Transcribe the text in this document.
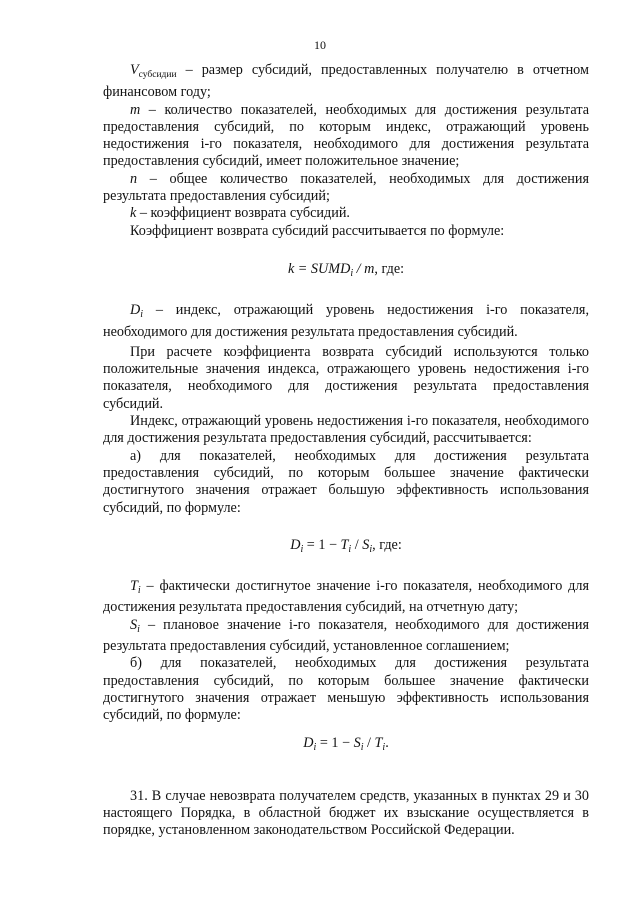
10

$V_{субсидии}$ – размер субсидий, предоставленных получателю в отчетном финансовом году;

m – количество показателей, необходимых для достижения результата предоставления субсидий, по которым индекс, отражающий уровень недостижения i-го показателя, необходимого для достижения результата предоставления субсидий, имеет положительное значение;

n – общее количество показателей, необходимых для достижения результата предоставления субсидий;

k – коэффициент возврата субсидий.

Коэффициент возврата субсидий рассчитывается по формуле:

$k = SUMD_i / m$, где:

$D_i$ – индекс, отражающий уровень недостижения i-го показателя, необходимого для достижения результата предоставления субсидий.

При расчете коэффициента возврата субсидий используются только положительные значения индекса, отражающего уровень недостижения i-го показателя, необходимого для достижения результата предоставления субсидий.

Индекс, отражающий уровень недостижения i-го показателя, необходимого для достижения результата предоставления субсидий, рассчитывается:

а) для показателей, необходимых для достижения результата предоставления субсидий, по которым большее значение фактически достигнутого значения отражает большую эффективность использования субсидий, по формуле:

$D_i = 1 - T_i / S_i$, где:

$T_i$ – фактически достигнутое значение i-го показателя, необходимого для достижения результата предоставления субсидий, на отчетную дату;

$S_i$ – плановое значение i-го показателя, необходимого для достижения результата предоставления субсидий, установленное соглашением;

б) для показателей, необходимых для достижения результата предоставления субсидий, по которым большее значение фактически достигнутого значения отражает меньшую эффективность использования субсидий, по формуле:

$D_i = 1 - S_i / T_i$.

31. В случае невозврата получателем средств, указанных в пунктах 29 и 30 настоящего Порядка, в областной бюджет их взыскание осуществляется в порядке, установленном законодательством Российской Федерации.
